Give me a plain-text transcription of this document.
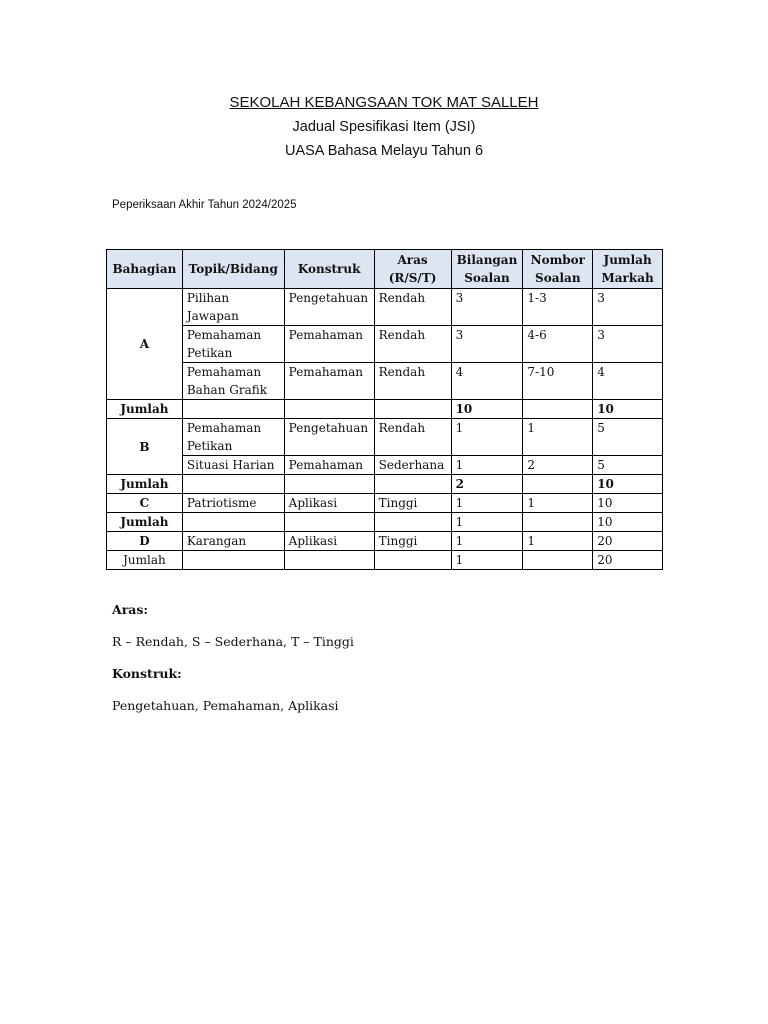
SEKOLAH KEBANGSAAN TOK MAT SALLEH
Jadual Spesifikasi Item (JSI)
UASA Bahasa Melayu Tahun 6
Peperiksaan Akhir Tahun 2024/2025
Bahagian	Topik/Bidang	Konstruk	Aras (R/S/T)	Bilangan Soalan	Nombor Soalan	Jumlah Markah
A	Pilihan Jawapan	Pengetahuan	Rendah	3	1-3	3
	Pemahaman Petikan	Pemahaman	Rendah	3	4-6	3
	Pemahaman Bahan Grafik	Pemahaman	Rendah	4	7-10	4
Jumlah				10		10
B	Pemahaman Petikan	Pengetahuan	Rendah	1	1	5
	Situasi Harian	Pemahaman	Sederhana	1	2	5
Jumlah				2		10
C	Patriotisme	Aplikasi	Tinggi	1	1	10
Jumlah				1		10
D	Karangan	Aplikasi	Tinggi	1	1	20
Jumlah				1		20
Aras:
R – Rendah, S – Sederhana, T – Tinggi
Konstruk:
Pengetahuan, Pemahaman, Aplikasi
